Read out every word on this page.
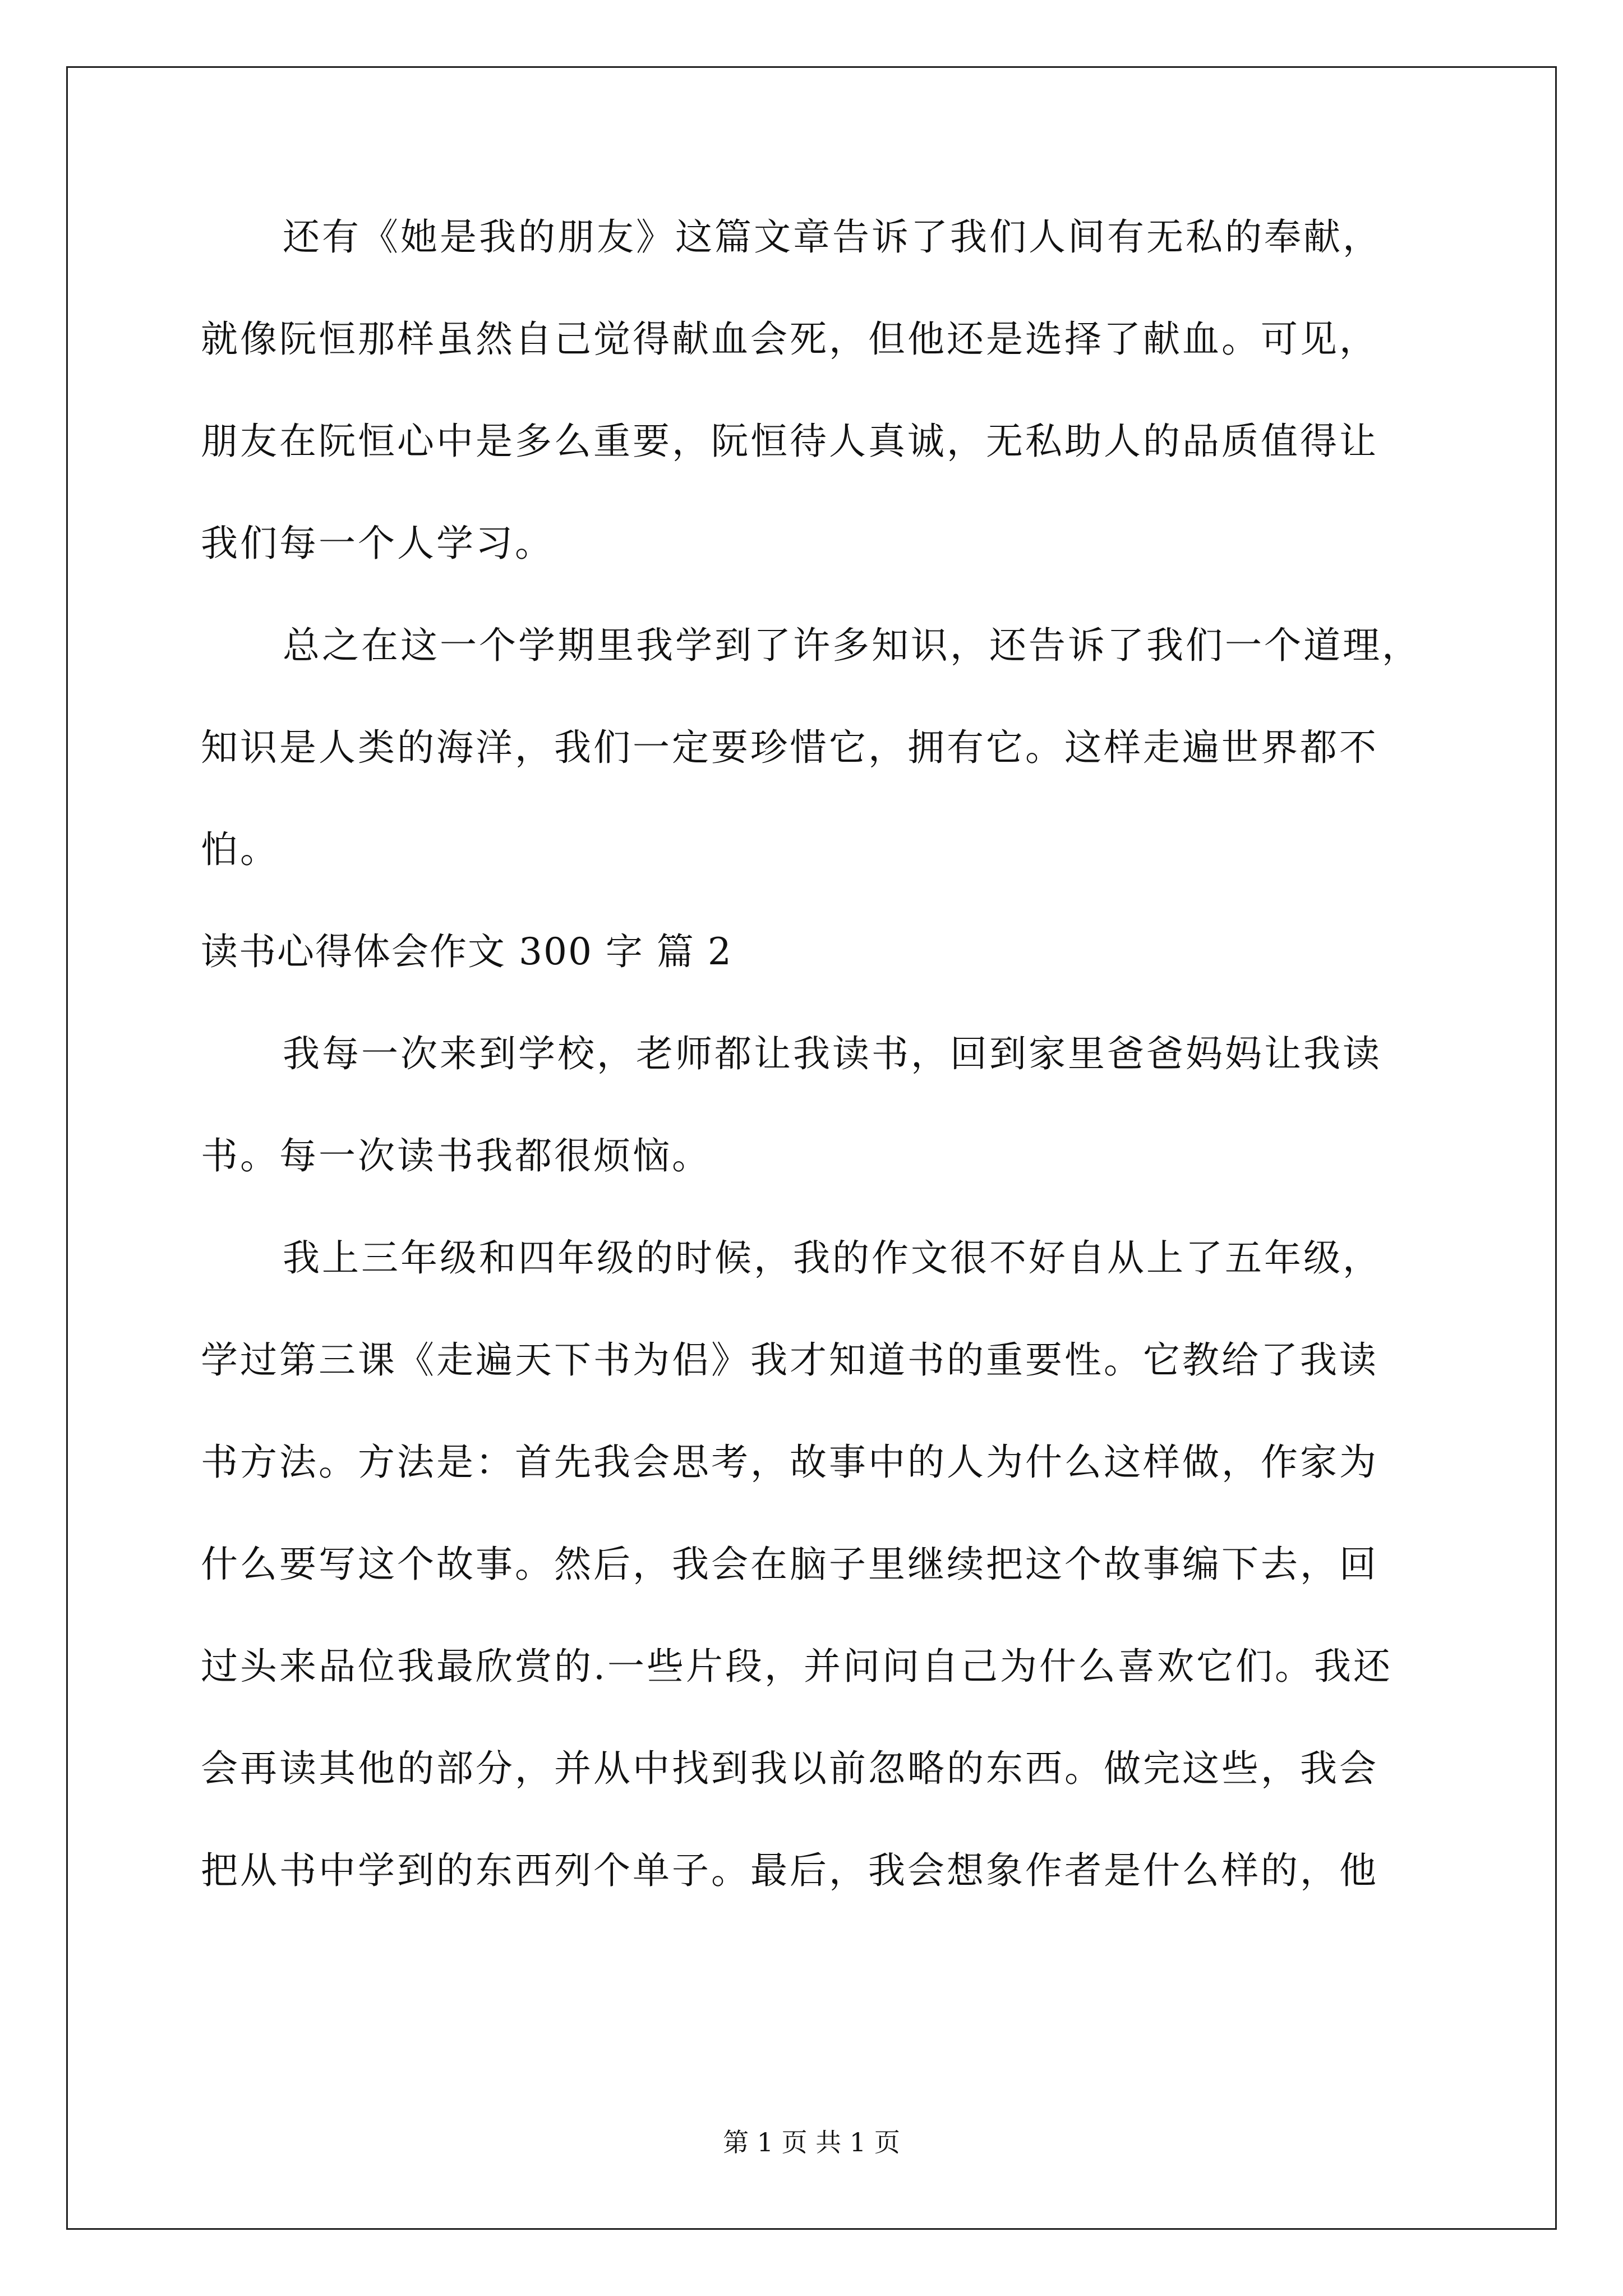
还有《她是我的朋友》这篇文章告诉了我们人间有无私的奉献，

就像阮恒那样虽然自己觉得献血会死，但他还是选择了献血。可见，

朋友在阮恒心中是多么重要，阮恒待人真诚，无私助人的品质值得让

我们每一个人学习。

总之在这一个学期里我学到了许多知识，还告诉了我们一个道理，

知识是人类的海洋，我们一定要珍惜它，拥有它。这样走遍世界都不

怕。

读书心得体会作文 300 字 篇 2

我每一次来到学校，老师都让我读书，回到家里爸爸妈妈让我读

书。每一次读书我都很烦恼。

我上三年级和四年级的时候，我的作文很不好自从上了五年级，

学过第三课《走遍天下书为侣》我才知道书的重要性。它教给了我读

书方法。方法是：首先我会思考，故事中的人为什么这样做，作家为

什么要写这个故事。然后，我会在脑子里继续把这个故事编下去，回

过头来品位我最欣赏的.一些片段，并问问自己为什么喜欢它们。我还

会再读其他的部分，并从中找到我以前忽略的东西。做完这些，我会

把从书中学到的东西列个单子。最后，我会想象作者是什么样的，他

第 1 页 共 1 页
